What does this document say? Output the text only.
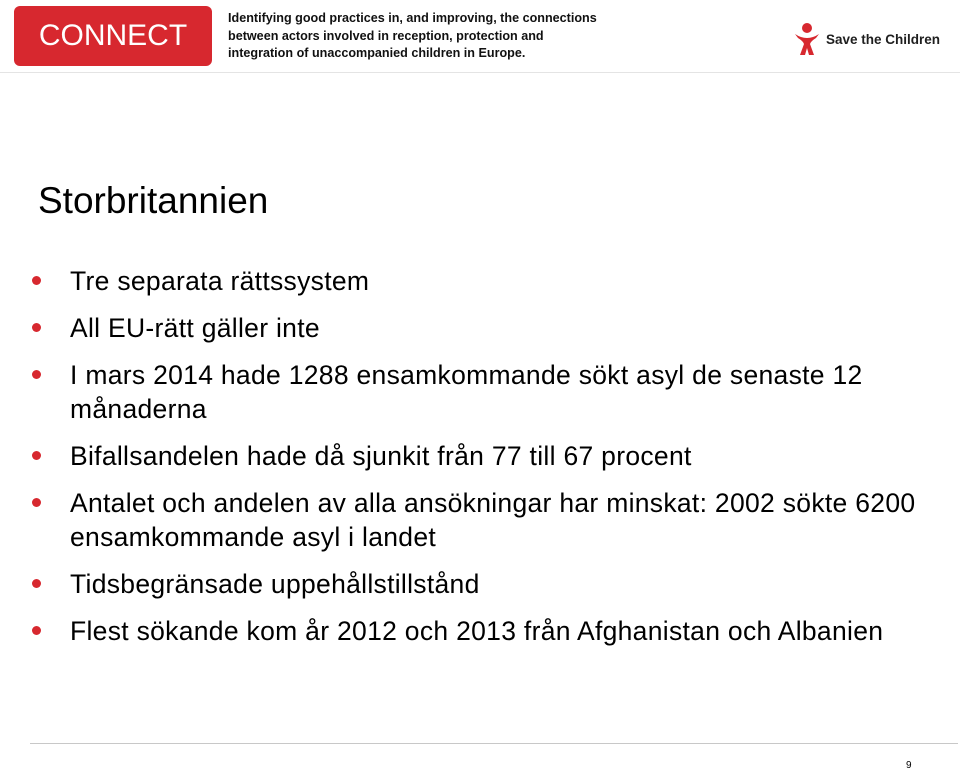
CONNECT
Identifying good practices in, and improving, the connections
between actors involved in reception, protection and
integration of unaccompanied children in Europe.
Save the Children
Storbritannien
Tre separata rättssystem
All EU-rätt gäller inte
I mars 2014 hade 1288 ensamkommande sökt asyl de senaste 12 månaderna
Bifallsandelen hade då sjunkit från 77 till 67 procent
Antalet och andelen av alla ansökningar har minskat: 2002 sökte 6200 ensamkommande asyl i landet
Tidsbegränsade uppehållstillstånd
Flest sökande kom år 2012 och 2013 från Afghanistan och Albanien
9
